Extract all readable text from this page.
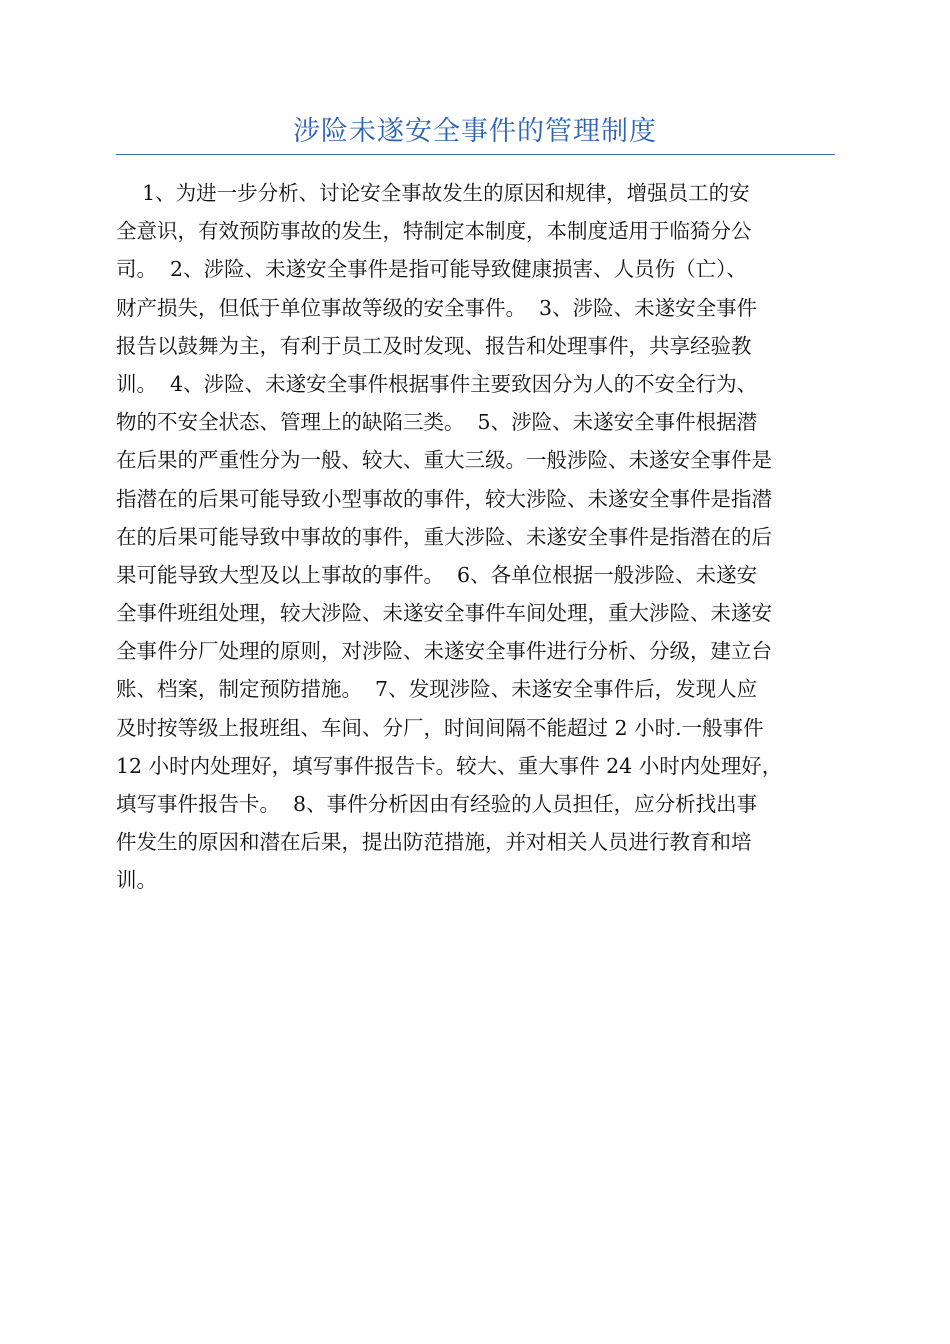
涉险未遂安全事件的管理制度
1、为进一步分析、讨论安全事故发生的原因和规律，增强员工的安
全意识，有效预防事故的发生，特制定本制度，本制度适用于临猗分公
司。  2、涉险、未遂安全事件是指可能导致健康损害、人员伤（亡）、
财产损失，但低于单位事故等级的安全事件。  3、涉险、未遂安全事件
报告以鼓舞为主，有利于员工及时发现、报告和处理事件，共享经验教
训。  4、涉险、未遂安全事件根据事件主要致因分为人的不安全行为、
物的不安全状态、管理上的缺陷三类。  5、涉险、未遂安全事件根据潜
在后果的严重性分为一般、较大、重大三级。一般涉险、未遂安全事件是
指潜在的后果可能导致小型事故的事件，较大涉险、未遂安全事件是指潜
在的后果可能导致中事故的事件，重大涉险、未遂安全事件是指潜在的后
果可能导致大型及以上事故的事件。  6、各单位根据一般涉险、未遂安
全事件班组处理，较大涉险、未遂安全事件车间处理，重大涉险、未遂安
全事件分厂处理的原则，对涉险、未遂安全事件进行分析、分级，建立台
账、档案，制定预防措施。  7、发现涉险、未遂安全事件后，发现人应
及时按等级上报班组、车间、分厂，时间间隔不能超过 2 小时.一般事件
12 小时内处理好，填写事件报告卡。较大、重大事件 24 小时内处理好，
填写事件报告卡。  8、事件分析因由有经验的人员担任，应分析找出事
件发生的原因和潜在后果，提出防范措施，并对相关人员进行教育和培
训。
